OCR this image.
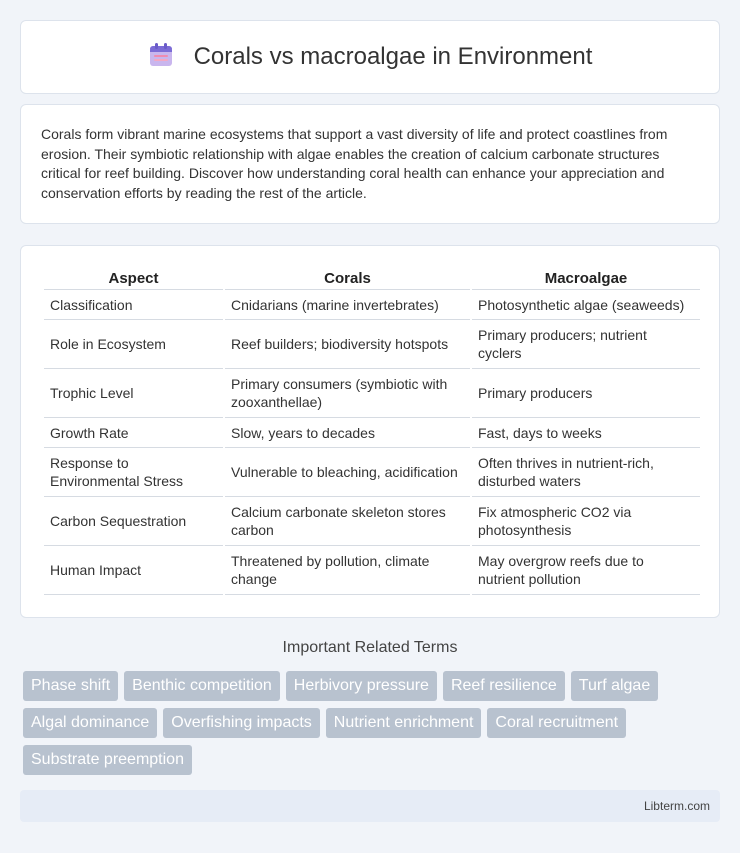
Corals vs macroalgae in Environment

Corals form vibrant marine ecosystems that support a vast diversity of life and protect coastlines from erosion. Their symbiotic relationship with algae enables the creation of calcium carbonate structures critical for reef building. Discover how understanding coral health can enhance your appreciation and conservation efforts by reading the rest of the article.

Aspect	Corals	Macroalgae
Classification	Cnidarians (marine invertebrates)	Photosynthetic algae (seaweeds)
Role in Ecosystem	Reef builders; biodiversity hotspots	Primary producers; nutrient cyclers
Trophic Level	Primary consumers (symbiotic with zooxanthellae)	Primary producers
Growth Rate	Slow, years to decades	Fast, days to weeks
Response to Environmental Stress	Vulnerable to bleaching, acidification	Often thrives in nutrient-rich, disturbed waters
Carbon Sequestration	Calcium carbonate skeleton stores carbon	Fix atmospheric CO2 via photosynthesis
Human Impact	Threatened by pollution, climate change	May overgrow reefs due to nutrient pollution
Important Related Terms
Phase shift	Benthic competition	Herbivory pressure	Reef resilience	Turf algae
Algal dominance	Overfishing impacts	Nutrient enrichment	Coral recruitment
Substrate preemption
Libterm.com
